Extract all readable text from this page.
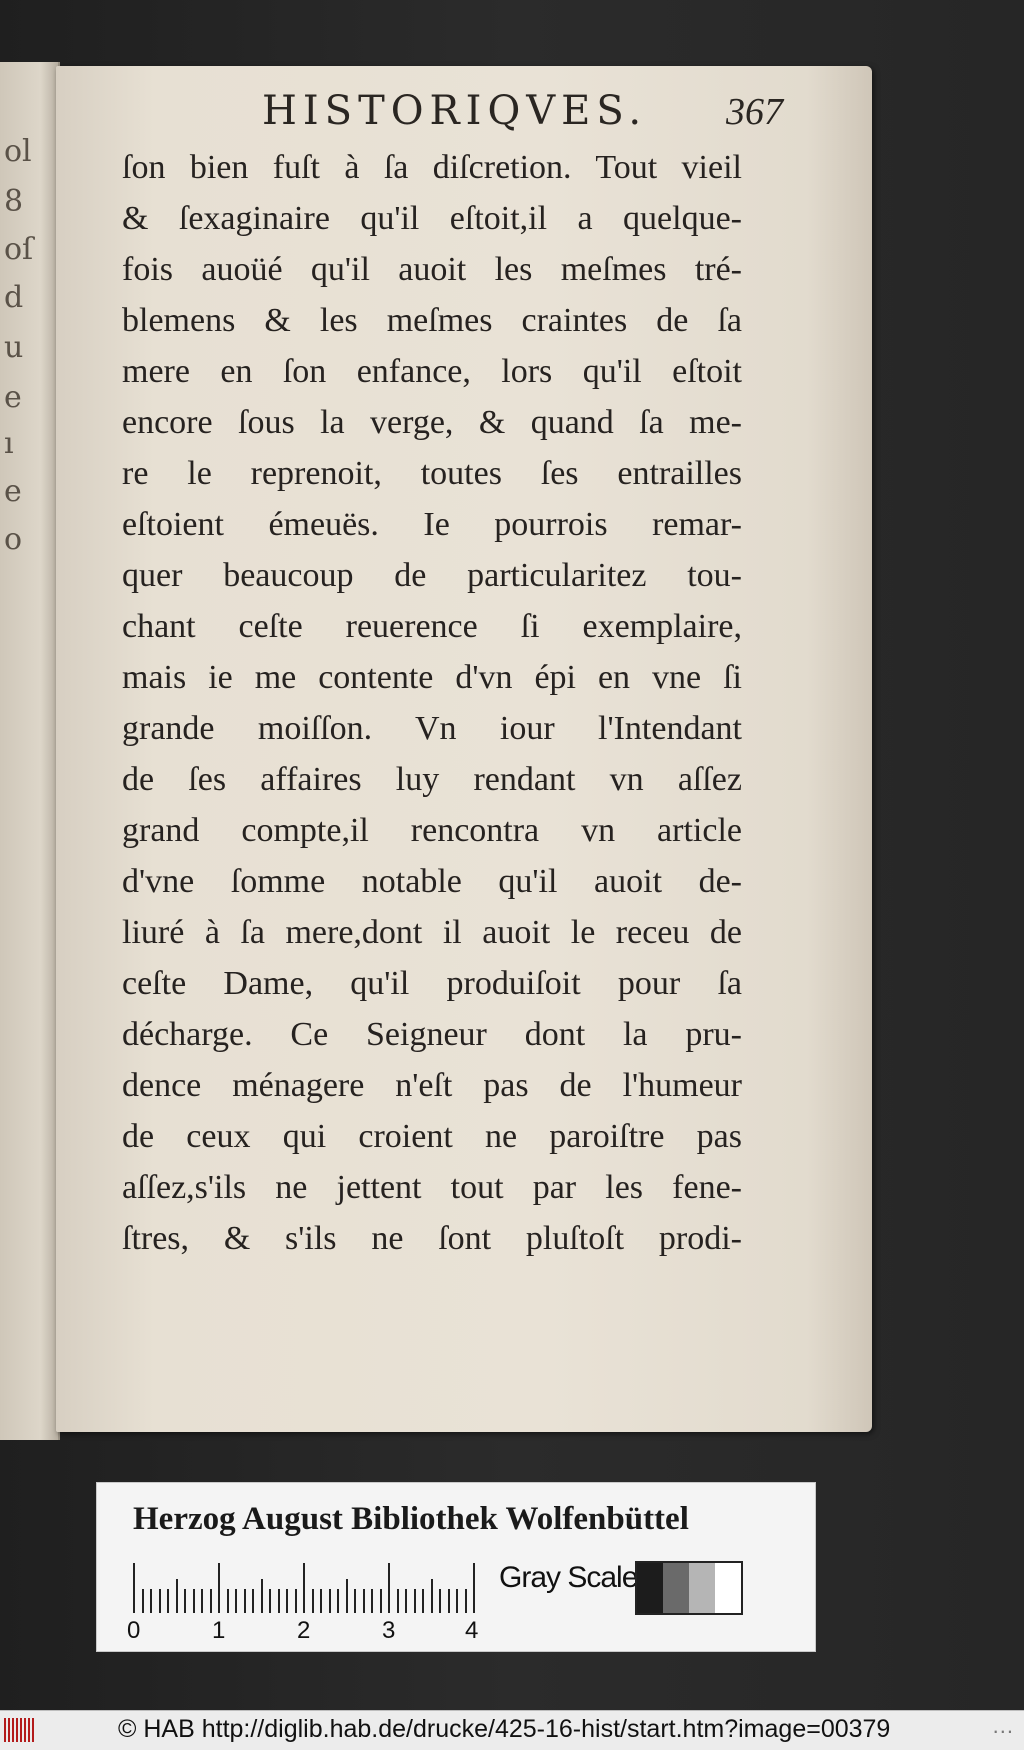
ol
8
oſ
d
u
e
ı
e
o
HISTORIQVES. 367
ſon bien fuſt à ſa diſcretion. Tout vieil
& ſexaginaire qu'il eſtoit,il a quelque-
fois auoüé qu'il auoit les meſmes tré-
blemens & les meſmes craintes de ſa
mere en ſon enfance, lors qu'il eſtoit
encore ſous la verge, & quand ſa me-
re le reprenoit, toutes ſes entrailles
eſtoient émeuës. Ie pourrois remar-
quer beaucoup de particularitez tou-
chant ceſte reuerence ſi exemplaire,
mais ie me contente d'vn épi en vne ſi
grande moiſſon. Vn iour l'Intendant
de ſes affaires luy rendant vn aſſez
grand compte,il rencontra vn article
d'vne ſomme notable qu'il auoit de-
liuré à ſa mere,dont il auoit le receu de
ceſte Dame, qu'il produiſoit pour ſa
décharge. Ce Seigneur dont la pru-
dence ménagere n'eſt pas de l'humeur
de ceux qui croient ne paroiſtre pas
aſſez,s'ils ne jettent tout par les fene-
ſtres, & s'ils ne ſont pluſtoſt prodi-
Herzog August Bibliothek Wolfenbüttel
0	1	2	3	4
Gray Scale
© HAB http://diglib.hab.de/drucke/425-16-hist/start.htm?image=00379	...
